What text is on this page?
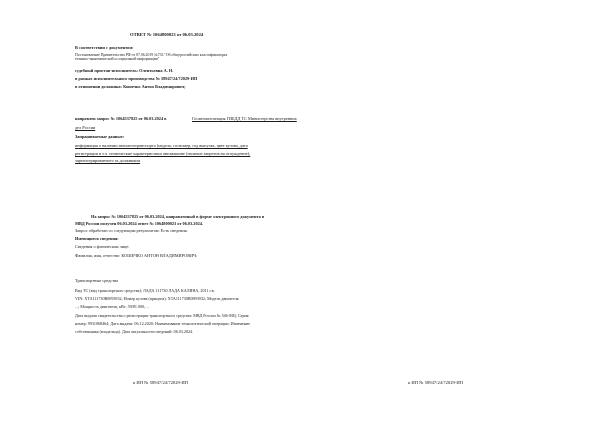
ОТВЕТ № 1064800023 от 06.03.2024
В соответствии с документом:
Постановление Правительства РФ от 07.06.2019 №733 "Об общероссийских классификаторах
технико-экономической и социальной информации"
судебный пристав-исполнитель: Олентьевна А. Н.
в рамках исполнительного производства № 58947/24/72029-ИП
в отношении должника: Кошечко Антон Владимирович;
направлен запрос № 1064537825 от 06.03.2024 в	Госавтоинспекция ГИБДД ТС Министерства внутренних
дел России
Запрашиваемые данные:
информация о наличии автомототранспорта (модель, госномер, год выпуска, цвет кузова, дата
регистрации в т.ч. технические характеристики автомашине (наличие запретов на отчуждение);
зарегистрированного за должником
На запрос № 1064537825 от 06.03.2024, направленный в форме электронного документа в
МВД России получен 06.03.2024 ответ № 1064800023 от 06.03.2024.
Запрос обработан со следующим результатом: Есть сведения.
Имеющиеся сведения:
Сведения о физическом лице:
Фамилия, имя, отчество: КОШЕЧКО АНТОН ВЛАДИМИРОВИЧ;
Транспортные средства
Вид ТС (вид транспортного средства); ЛАДА 111730 ЛАДА КАЛИНА, 2011 г.в.
VIN: XTA111730B0093932; Номер кузова (прицепа): XTA111730B0093932; Модель двигателя
...; Мощность двигателя, кВт: 59/81.000; ...
Дата выдачи свидетельства о регистрации транспортного средства: МВД России № 546-МЦ; Серия
номер: 9931068464; Дата выдачи: 06.12.2020; Наименование технологической операции: Изменение
собственника (владельца). Дата актуальности сведений: 06.03.2024.
к ИП № 58947/24/72029-ИП	к ИП № 58947/24/72029-ИП
